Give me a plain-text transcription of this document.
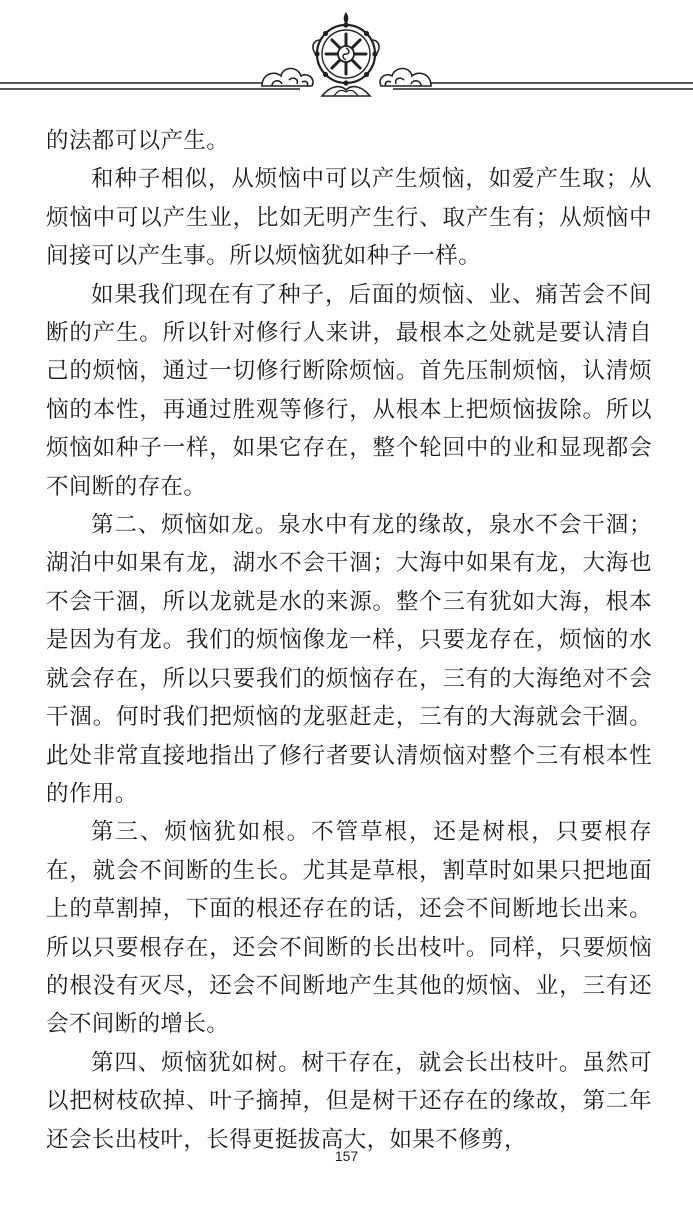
的法都可以产生。

和种子相似，从烦恼中可以产生烦恼，如爱产生取；从烦恼中可以产生业，比如无明产生行、取产生有；从烦恼中间接可以产生事。所以烦恼犹如种子一样。

如果我们现在有了种子，后面的烦恼、业、痛苦会不间断的产生。所以针对修行人来讲，最根本之处就是要认清自己的烦恼，通过一切修行断除烦恼。首先压制烦恼，认清烦恼的本性，再通过胜观等修行，从根本上把烦恼拔除。所以烦恼如种子一样，如果它存在，整个轮回中的业和显现都会不间断的存在。

第二、烦恼如龙。泉水中有龙的缘故，泉水不会干涸；湖泊中如果有龙，湖水不会干涸；大海中如果有龙，大海也不会干涸，所以龙就是水的来源。整个三有犹如大海，根本是因为有龙。我们的烦恼像龙一样，只要龙存在，烦恼的水就会存在，所以只要我们的烦恼存在，三有的大海绝对不会干涸。何时我们把烦恼的龙驱赶走，三有的大海就会干涸。此处非常直接地指出了修行者要认清烦恼对整个三有根本性的作用。

第三、烦恼犹如根。不管草根，还是树根，只要根存在，就会不间断的生长。尤其是草根，割草时如果只把地面上的草割掉，下面的根还存在的话，还会不间断地长出来。所以只要根存在，还会不间断的长出枝叶。同样，只要烦恼的根没有灭尽，还会不间断地产生其他的烦恼、业，三有还会不间断的增长。

第四、烦恼犹如树。树干存在，就会长出枝叶。虽然可以把树枝砍掉、叶子摘掉，但是树干还存在的缘故，第二年还会长出枝叶，长得更挺拔高大，如果不修剪，

157
